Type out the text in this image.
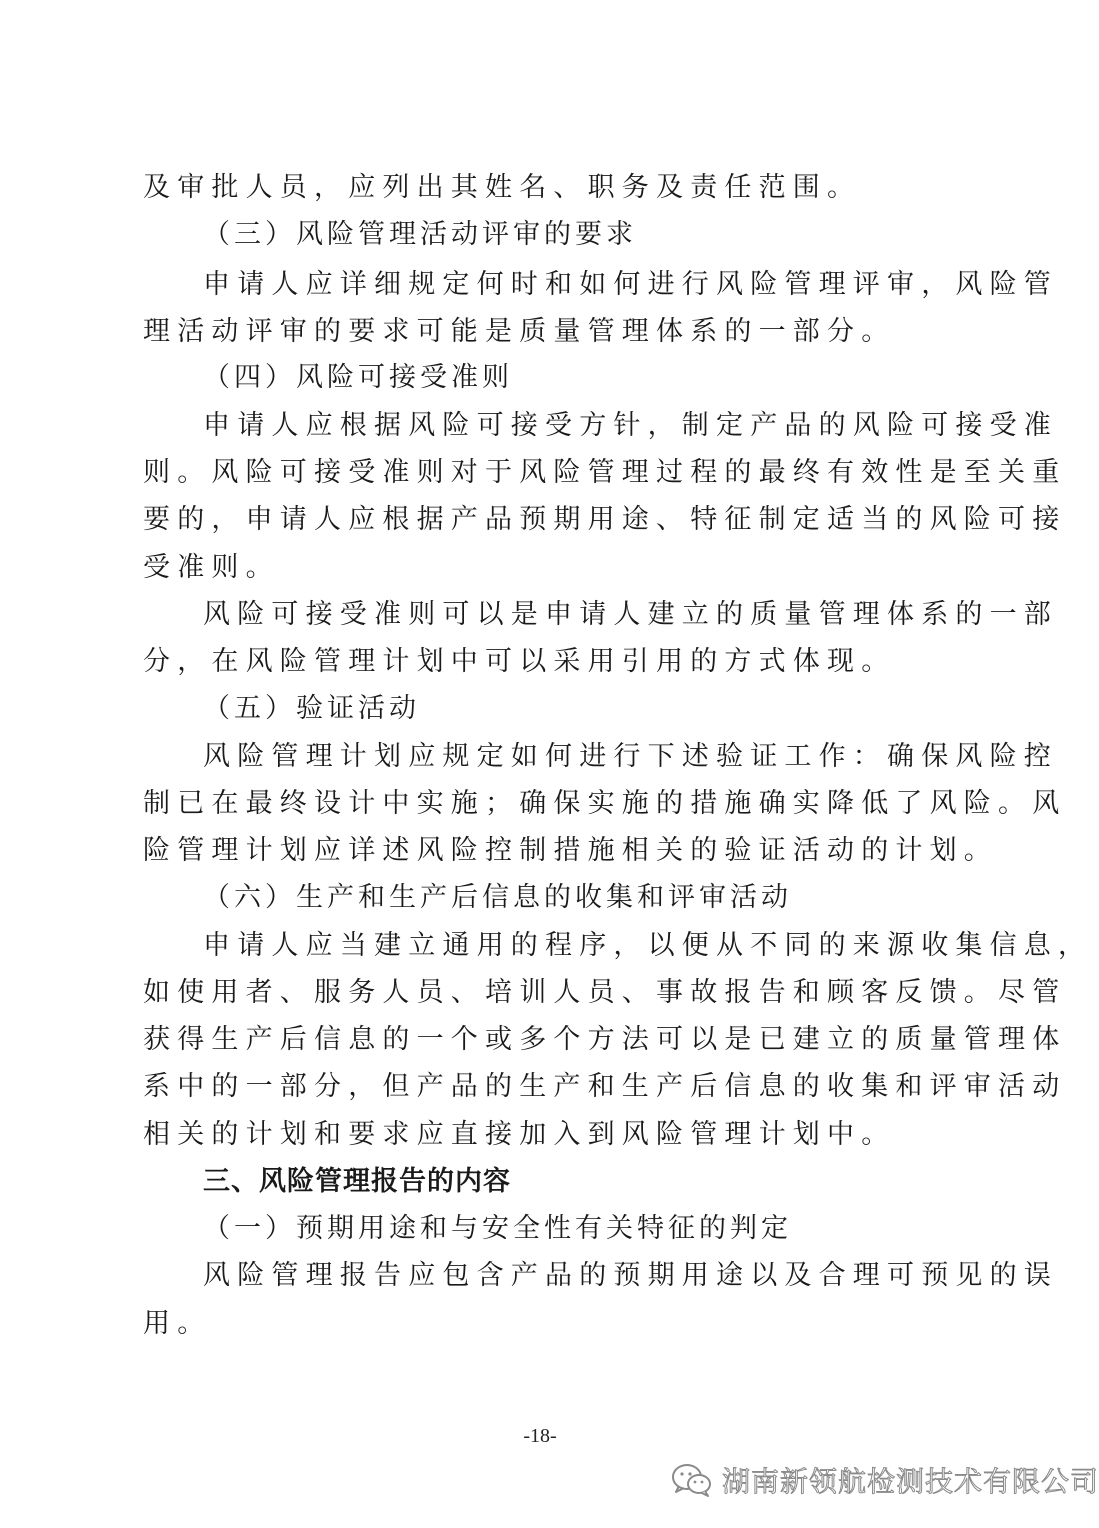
及审批人员，应列出其姓名、职务及责任范围。
（三）风险管理活动评审的要求
申请人应详细规定何时和如何进行风险管理评审，风险管
理活动评审的要求可能是质量管理体系的一部分。
（四）风险可接受准则
申请人应根据风险可接受方针，制定产品的风险可接受准
则。风险可接受准则对于风险管理过程的最终有效性是至关重
要的，申请人应根据产品预期用途、特征制定适当的风险可接
受准则。
风险可接受准则可以是申请人建立的质量管理体系的一部
分，在风险管理计划中可以采用引用的方式体现。
（五）验证活动
风险管理计划应规定如何进行下述验证工作：确保风险控
制已在最终设计中实施；确保实施的措施确实降低了风险。风
险管理计划应详述风险控制措施相关的验证活动的计划。
（六）生产和生产后信息的收集和评审活动
申请人应当建立通用的程序，以便从不同的来源收集信息，
如使用者、服务人员、培训人员、事故报告和顾客反馈。尽管
获得生产后信息的一个或多个方法可以是已建立的质量管理体
系中的一部分，但产品的生产和生产后信息的收集和评审活动
相关的计划和要求应直接加入到风险管理计划中。
三、风险管理报告的内容
（一）预期用途和与安全性有关特征的判定
风险管理报告应包含产品的预期用途以及合理可预见的误
用。
-18-
湖南新领航检测技术有限公司
